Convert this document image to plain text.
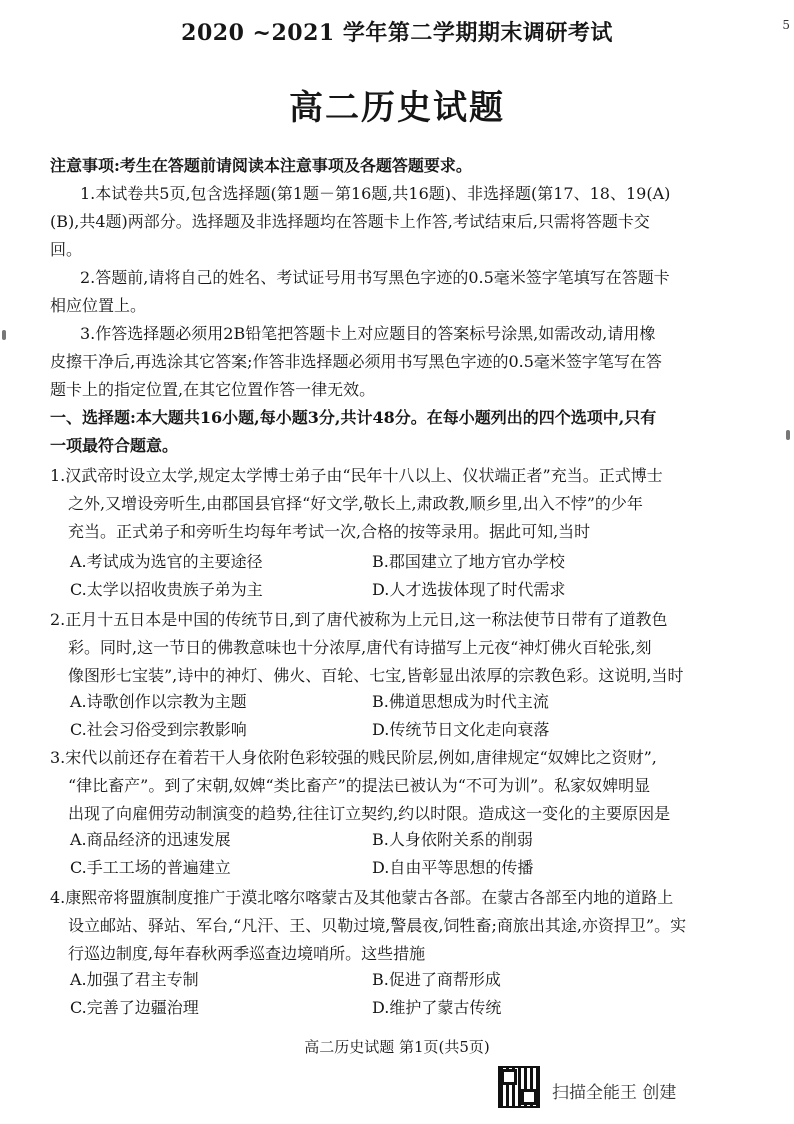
2020 ~2021 学年第二学期期末调研考试	5
高二历史试题
注意事项:考生在答题前请阅读本注意事项及各题答题要求。
1.本试卷共5页,包含选择题(第1题－第16题,共16题)、非选择题(第17、18、19(A)
(B),共4题)两部分。选择题及非选择题均在答题卡上作答,考试结束后,只需将答题卡交
回。
2.答题前,请将自己的姓名、考试证号用书写黑色字迹的0.5毫米签字笔填写在答题卡
相应位置上。
3.作答选择题必须用2B铅笔把答题卡上对应题目的答案标号涂黑,如需改动,请用橡
皮擦干净后,再选涂其它答案;作答非选择题必须用书写黑色字迹的0.5毫米签字笔写在答
题卡上的指定位置,在其它位置作答一律无效。
一、选择题:本大题共16小题,每小题3分,共计48分。在每小题列出的四个选项中,只有
一项最符合题意。
1.汉武帝时设立太学,规定太学博士弟子由“民年十八以上、仪状端正者”充当。正式博士
之外,又增设旁听生,由郡国县官择“好文学,敬长上,肃政教,顺乡里,出入不悖”的少年
充当。正式弟子和旁听生均每年考试一次,合格的按等录用。据此可知,当时
A.考试成为选官的主要途径	B.郡国建立了地方官办学校
C.太学以招收贵族子弟为主	D.人才选拔体现了时代需求
2.正月十五日本是中国的传统节日,到了唐代被称为上元日,这一称法使节日带有了道教色
彩。同时,这一节日的佛教意味也十分浓厚,唐代有诗描写上元夜“神灯佛火百轮张,刻
像图形七宝装”,诗中的神灯、佛火、百轮、七宝,皆彰显出浓厚的宗教色彩。这说明,当时
A.诗歌创作以宗教为主题	B.佛道思想成为时代主流
C.社会习俗受到宗教影响	D.传统节日文化走向衰落
3.宋代以前还存在着若干人身依附色彩较强的贱民阶层,例如,唐律规定“奴婢比之资财”,
“律比畜产”。到了宋朝,奴婢“类比畜产”的提法已被认为“不可为训”。私家奴婢明显
出现了向雇佣劳动制演变的趋势,往往订立契约,约以时限。造成这一变化的主要原因是
A.商品经济的迅速发展	B.人身依附关系的削弱
C.手工工场的普遍建立	D.自由平等思想的传播
4.康熙帝将盟旗制度推广于漠北喀尔喀蒙古及其他蒙古各部。在蒙古各部至内地的道路上
设立邮站、驿站、军台,“凡汗、王、贝勒过境,警晨夜,饲牲畜;商旅出其途,亦资捍卫”。实
行巡边制度,每年春秋两季巡查边境哨所。这些措施
A.加强了君主专制	B.促进了商帮形成
C.完善了边疆治理	D.维护了蒙古传统
高二历史试题 第1页(共5页)
扫描全能王 创建
